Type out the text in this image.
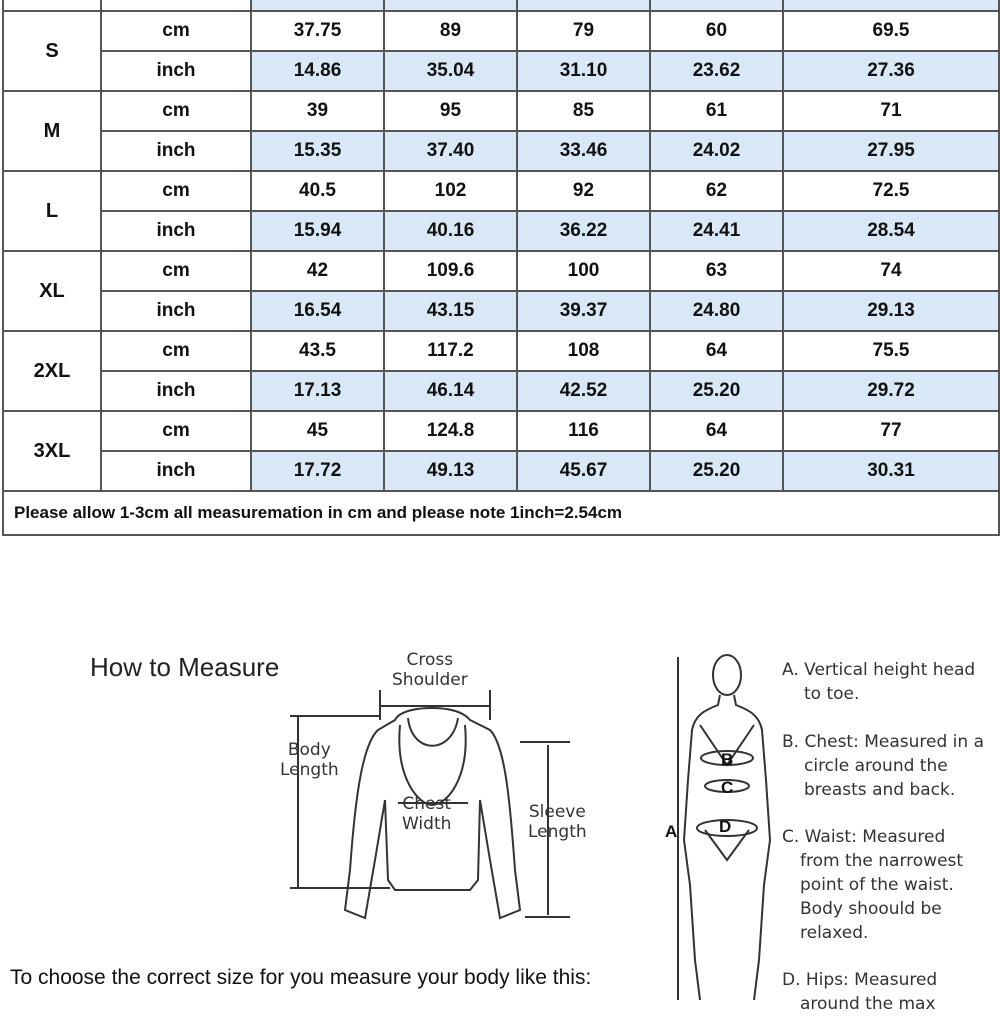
S	cm	37.75	89	79	60	69.5
	inch	14.86	35.04	31.10	23.62	27.36
M	cm	39	95	85	61	71
	inch	15.35	37.40	33.46	24.02	27.95
L	cm	40.5	102	92	62	72.5
	inch	15.94	40.16	36.22	24.41	28.54
XL	cm	42	109.6	100	63	74
	inch	16.54	43.15	39.37	24.80	29.13
2XL	cm	43.5	117.2	108	64	75.5
	inch	17.13	46.14	42.52	25.20	29.72
3XL	cm	45	124.8	116	64	77
	inch	17.72	49.13	45.67	25.20	30.31
Please allow 1-3cm all measuremation in cm and please note 1inch=2.54cm						
How to Measure	Cross
Shoulder
Body
Length
Chest
Width
Sleeve
Length	A
B
C
D
A. Vertical height head
to toe.
B. Chest: Measured in a
circle around the
breasts and back.
C. Waist: Measured
from the narrowest
point of the waist.
Body shoould be
relaxed.
D. Hips: Measured
around the max
To choose the correct size for you measure your body like this:
